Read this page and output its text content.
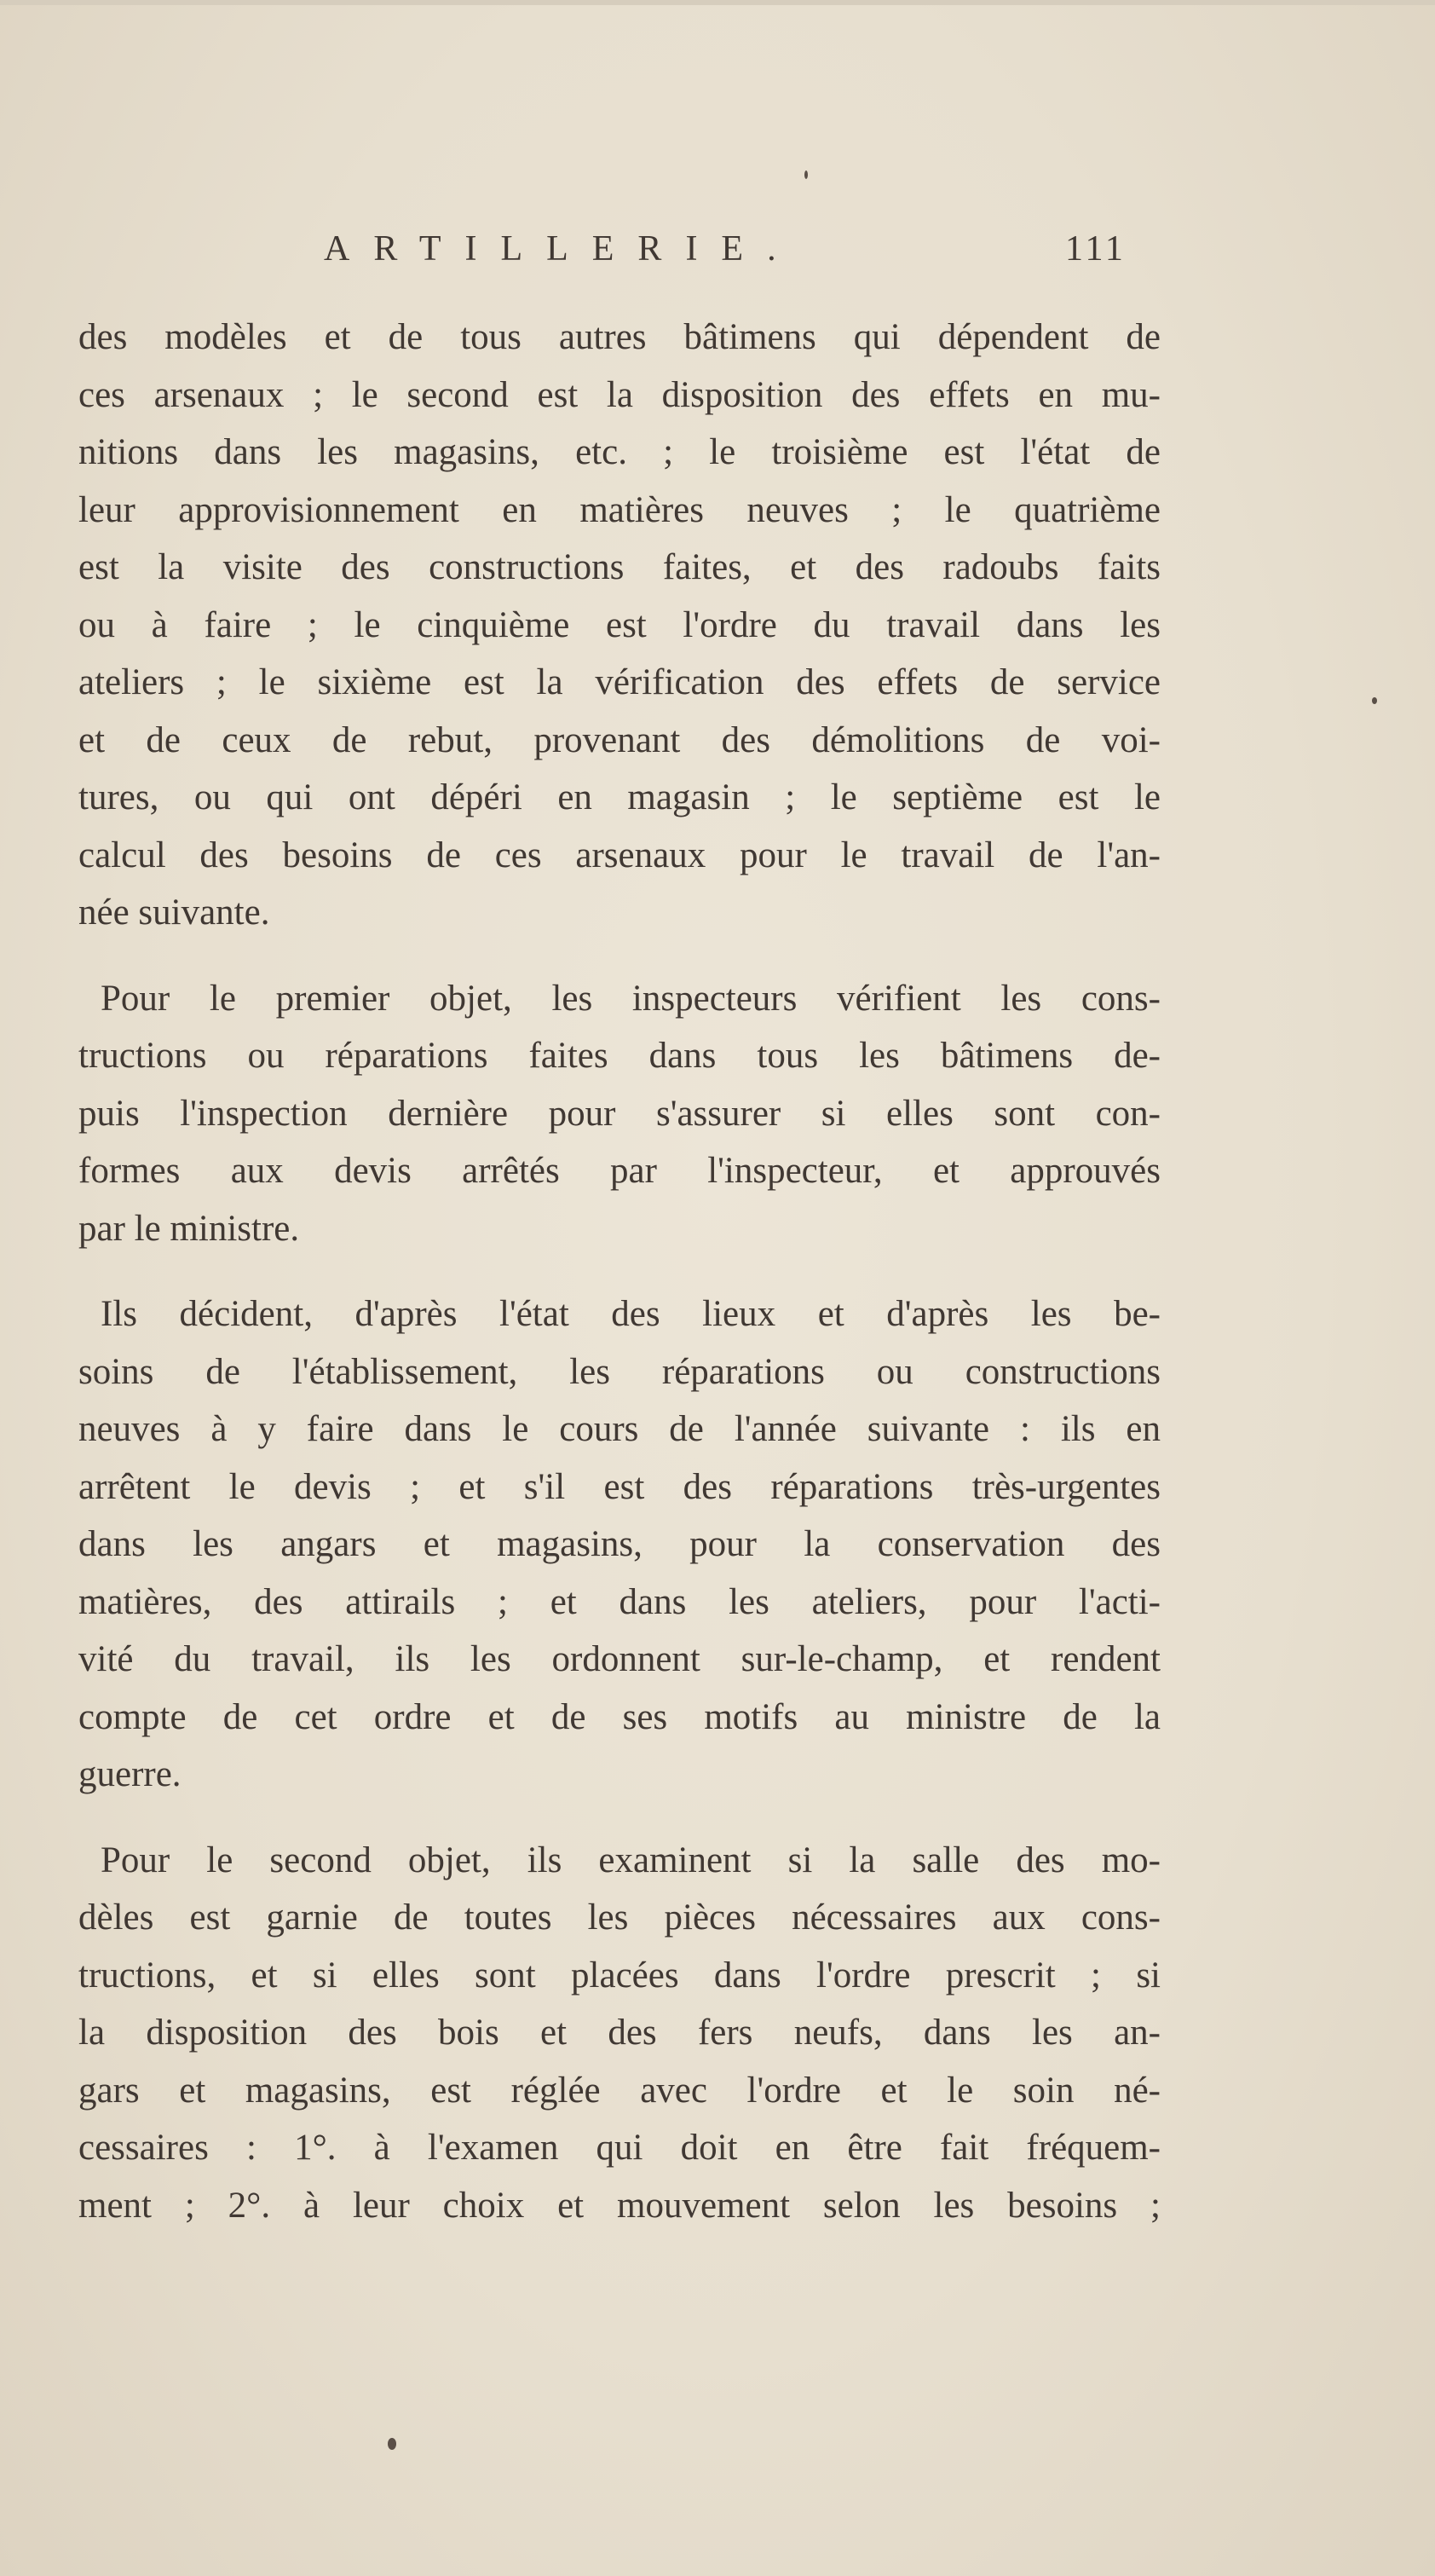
ARTILLERIE.	111
des modèles et de tous autres bâtimens qui dépendent de
ces arsenaux ; le second est la disposition des effets en mu-
nitions dans les magasins, etc. ; le troisième est l'état de
leur approvisionnement en matières neuves ; le quatrième
est la visite des constructions faites, et des radoubs faits
ou à faire ; le cinquième est l'ordre du travail dans les
ateliers ; le sixième est la vérification des effets de service
et de ceux de rebut, provenant des démolitions de voi-
tures, ou qui ont dépéri en magasin ; le septième est le
calcul des besoins de ces arsenaux pour le travail de l'an-
née suivante.
Pour le premier objet, les inspecteurs vérifient les cons-
tructions ou réparations faites dans tous les bâtimens de-
puis l'inspection dernière pour s'assurer si elles sont con-
formes aux devis arrêtés par l'inspecteur, et approuvés
par le ministre.
Ils décident, d'après l'état des lieux et d'après les be-
soins de l'établissement, les réparations ou constructions
neuves à y faire dans le cours de l'année suivante : ils en
arrêtent le devis ; et s'il est des réparations très-urgentes
dans les angars et magasins, pour la conservation des
matières, des attirails ; et dans les ateliers, pour l'acti-
vité du travail, ils les ordonnent sur-le-champ, et rendent
compte de cet ordre et de ses motifs au ministre de la
guerre.
Pour le second objet, ils examinent si la salle des mo-
dèles est garnie de toutes les pièces nécessaires aux cons-
tructions, et si elles sont placées dans l'ordre prescrit ; si
la disposition des bois et des fers neufs, dans les an-
gars et magasins, est réglée avec l'ordre et le soin né-
cessaires : 1°. à l'examen qui doit en être fait fréquem-
ment ; 2°. à leur choix et mouvement selon les besoins ;
